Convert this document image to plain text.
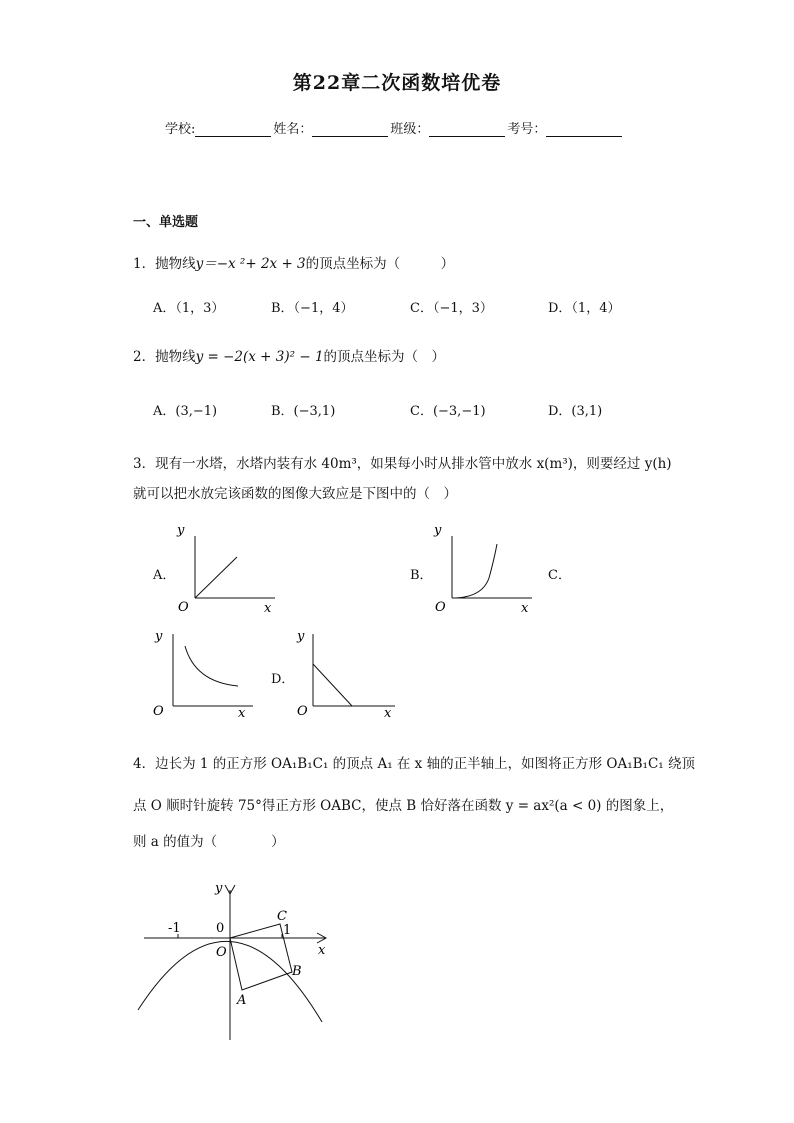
第22章二次函数培优卷
学校:	姓名：	班级：	考号：
一、单选题
1．抛物线y＝−x ²+ 2x + 3的顶点坐标为（　　　）
A．（1，3）	B．（−1，4）	C．（−1，3）	D．（1，4）
2．抛物线y = −2(x + 3)² − 1的顶点坐标为（　）
A．(3,−1)	B．(−3,1)	C．(−3,−1)	D．(3,1)
3．现有一水塔，水塔内装有水 40m³，如果每小时从排水管中放水 x(m³)，则要经过 y(h)
就可以把水放完该函数的图像大致应是下图中的（　）
A．	B．	C．
D．
y
x
O
y
x
O
y
x
O
y
x
O
4．边长为 1 的正方形 OA₁B₁C₁ 的顶点 A₁ 在 x 轴的正半轴上，如图将正方形 OA₁B₁C₁ 绕顶
点 O 顺时针旋转 75°得正方形 OABC，使点 B 恰好落在函数 y = ax²(a < 0) 的图象上，
则 a 的值为（　　　　）
y
x
-1	0	1
O
A
B
C
